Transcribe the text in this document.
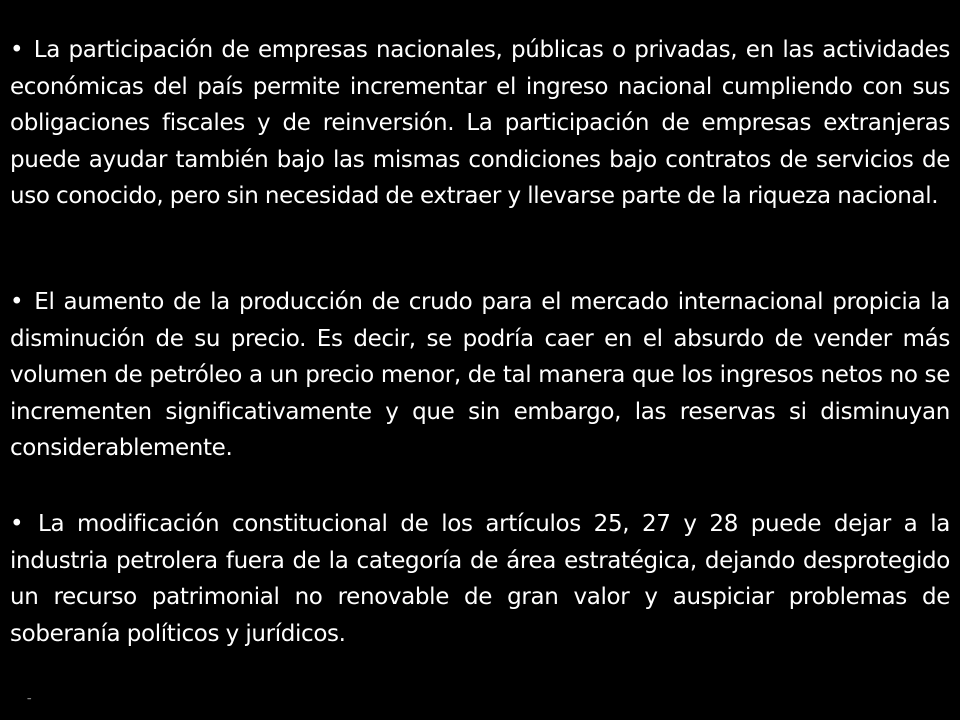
• La participación de empresas nacionales, públicas o privadas, en las actividades económicas del país permite incrementar el ingreso nacional cumpliendo con sus obligaciones fiscales y de reinversión. La participación de empresas extranjeras puede ayudar también bajo las mismas condiciones bajo contratos de servicios de uso conocido, pero sin necesidad de extraer y llevarse parte de la riqueza nacional.

• El aumento de la producción de crudo para el mercado internacional propicia la disminución de su precio. Es decir, se podría caer en el absurdo de vender más volumen de petróleo a un precio menor, de tal manera que los ingresos netos no se incrementen significativamente y que sin embargo, las reservas si disminuyan considerablemente.

• La modificación constitucional de los artículos 25, 27 y 28 puede dejar a la industria petrolera fuera de la categoría de área estratégica, dejando desprotegido un recurso patrimonial no renovable de gran valor y auspiciar problemas de soberanía políticos y jurídicos.

–
